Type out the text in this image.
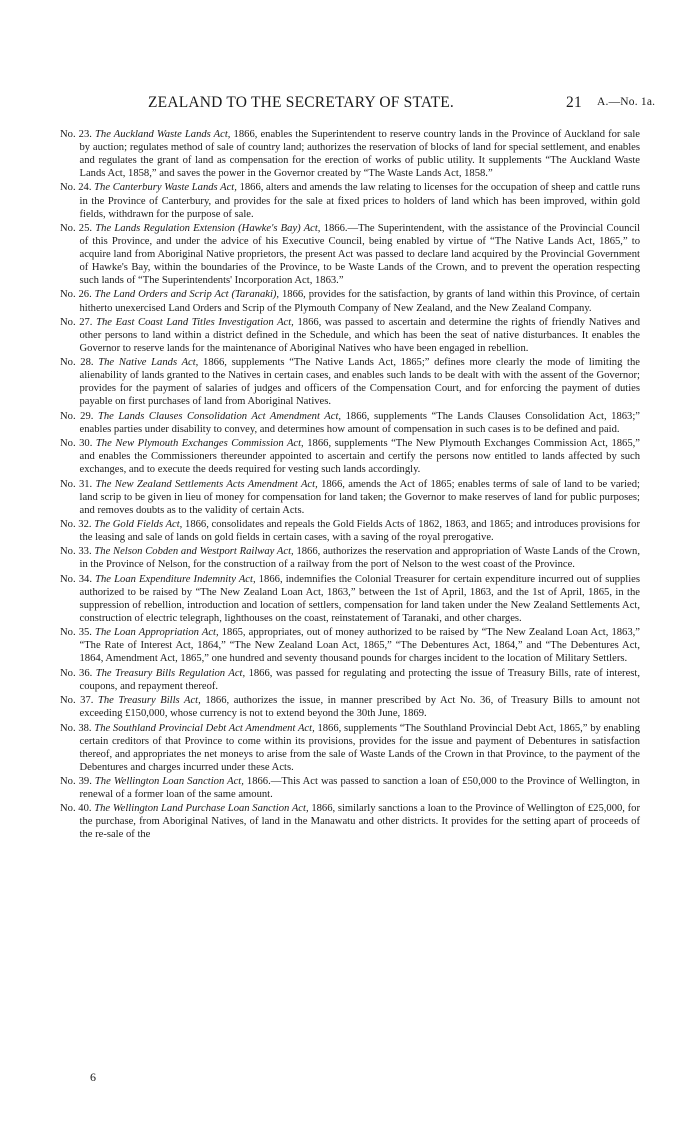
ZEALAND TO THE SECRETARY OF STATE.	21 A.—No. 1a.

No. 23. The Auckland Waste Lands Act, 1866, enables the Superintendent to reserve country lands in the Province of Auckland for sale by auction; regulates method of sale of country land; authorizes the reservation of blocks of land for special settlement, and enables and regulates the grant of land as compensation for the erection of works of public utility. It supplements “The Auckland Waste Lands Act, 1858,” and saves the power in the Governor created by “The Waste Lands Act, 1858.”

No. 24. The Canterbury Waste Lands Act, 1866, alters and amends the law relating to licenses for the occupation of sheep and cattle runs in the Province of Canterbury, and provides for the sale at fixed prices to holders of land which has been improved, within gold fields, withdrawn for the purpose of sale.

No. 25. The Lands Regulation Extension (Hawke's Bay) Act, 1866.—The Superintendent, with the assistance of the Provincial Council of this Province, and under the advice of his Executive Council, being enabled by virtue of “The Native Lands Act, 1865,” to acquire land from Aboriginal Native proprietors, the present Act was passed to declare land acquired by the Provincial Government of Hawke's Bay, within the boundaries of the Province, to be Waste Lands of the Crown, and to prevent the operation respecting such lands of “The Superintendents' Incorporation Act, 1863.”

No. 26. The Land Orders and Scrip Act (Taranaki), 1866, provides for the satisfaction, by grants of land within this Province, of certain hitherto unexercised Land Orders and Scrip of the Plymouth Company of New Zealand, and the New Zealand Company.

No. 27. The East Coast Land Titles Investigation Act, 1866, was passed to ascertain and determine the rights of friendly Natives and other persons to land within a district defined in the Schedule, and which has been the seat of native disturbances. It enables the Governor to reserve lands for the maintenance of Aboriginal Natives who have been engaged in rebellion.

No. 28. The Native Lands Act, 1866, supplements “The Native Lands Act, 1865;” defines more clearly the mode of limiting the alienability of lands granted to the Natives in certain cases, and enables such lands to be dealt with with the assent of the Governor; provides for the payment of salaries of judges and officers of the Compensation Court, and for enforcing the payment of duties payable on first purchases of land from Aboriginal Natives.

No. 29. The Lands Clauses Consolidation Act Amendment Act, 1866, supplements “The Lands Clauses Consolidation Act, 1863;” enables parties under disability to convey, and determines how amount of compensation in such cases is to be defined and paid.

No. 30. The New Plymouth Exchanges Commission Act, 1866, supplements “The New Plymouth Exchanges Commission Act, 1865,” and enables the Commissioners thereunder appointed to ascertain and certify the persons now entitled to lands affected by such exchanges, and to execute the deeds required for vesting such lands accordingly.

No. 31. The New Zealand Settlements Acts Amendment Act, 1866, amends the Act of 1865; enables terms of sale of land to be varied; land scrip to be given in lieu of money for compensation for land taken; the Governor to make reserves of land for public purposes; and removes doubts as to the validity of certain Acts.

No. 32. The Gold Fields Act, 1866, consolidates and repeals the Gold Fields Acts of 1862, 1863, and 1865; and introduces provisions for the leasing and sale of lands on gold fields in certain cases, with a saving of the royal prerogative.

No. 33. The Nelson Cobden and Westport Railway Act, 1866, authorizes the reservation and appropriation of Waste Lands of the Crown, in the Province of Nelson, for the construction of a railway from the port of Nelson to the west coast of the Province.

No. 34. The Loan Expenditure Indemnity Act, 1866, indemnifies the Colonial Treasurer for certain expenditure incurred out of supplies authorized to be raised by “The New Zealand Loan Act, 1863,” between the 1st of April, 1863, and the 1st of April, 1865, in the suppression of rebellion, introduction and location of settlers, compensation for land taken under the New Zealand Settlements Act, construction of electric telegraph, lighthouses on the coast, reinstatement of Taranaki, and other charges.

No. 35. The Loan Appropriation Act, 1865, appropriates, out of money authorized to be raised by “The New Zealand Loan Act, 1863,” “The Rate of Interest Act, 1864,” “The New Zealand Loan Act, 1865,” “The Debentures Act, 1864,” and “The Debentures Act, 1864, Amendment Act, 1865,” one hundred and seventy thousand pounds for charges incident to the location of Military Settlers.

No. 36. The Treasury Bills Regulation Act, 1866, was passed for regulating and protecting the issue of Treasury Bills, rate of interest, coupons, and repayment thereof.

No. 37. The Treasury Bills Act, 1866, authorizes the issue, in manner prescribed by Act No. 36, of Treasury Bills to amount not exceeding £150,000, whose currency is not to extend beyond the 30th June, 1869.

No. 38. The Southland Provincial Debt Act Amendment Act, 1866, supplements “The Southland Provincial Debt Act, 1865,” by enabling certain creditors of that Province to come within its provisions, provides for the issue and payment of Debentures in satisfaction thereof, and appropriates the net moneys to arise from the sale of Waste Lands of the Crown in that Province, to the payment of the Debentures and charges incurred under these Acts.

No. 39. The Wellington Loan Sanction Act, 1866.—This Act was passed to sanction a loan of £50,000 to the Province of Wellington, in renewal of a former loan of the same amount.

No. 40. The Wellington Land Purchase Loan Sanction Act, 1866, similarly sanctions a loan to the Province of Wellington of £25,000, for the purchase, from Aboriginal Natives, of land in the Manawatu and other districts. It provides for the setting apart of proceeds of the re-sale of the

6
